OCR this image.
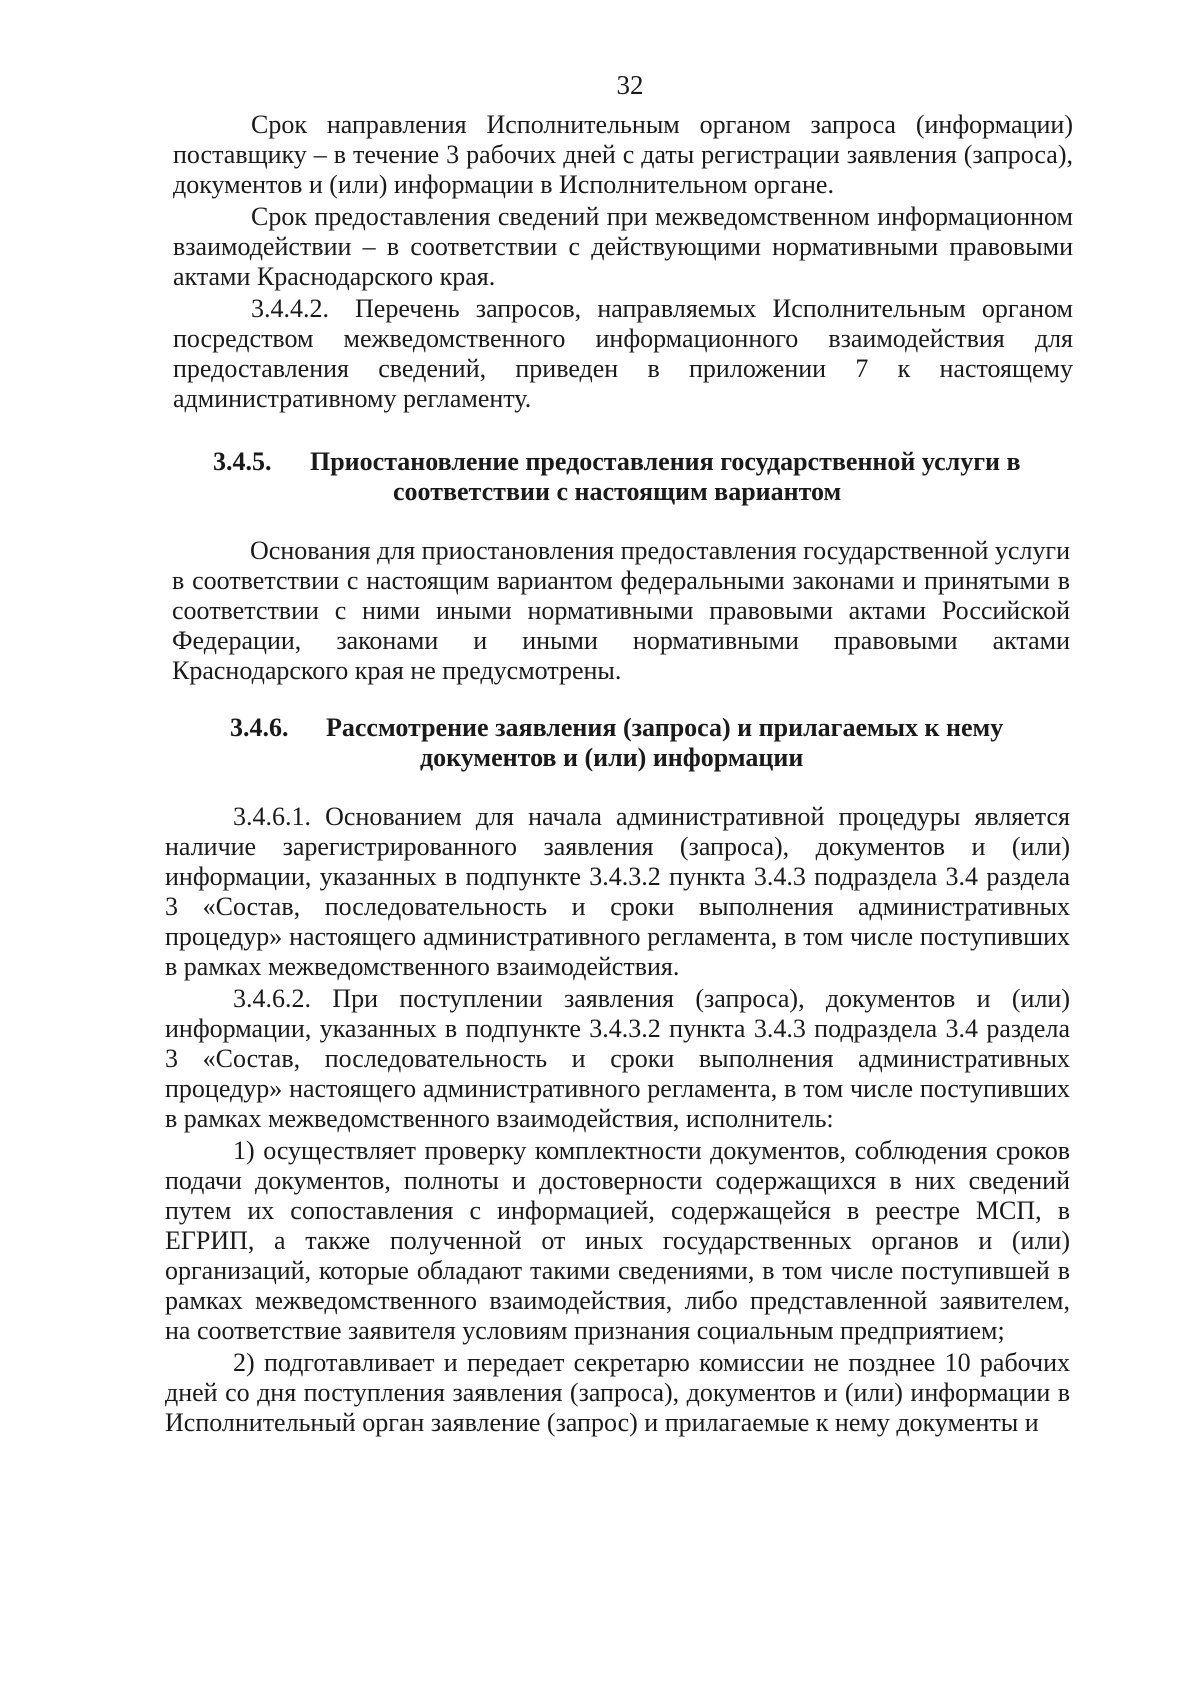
32

Срок направления Исполнительным органом запроса (информации) поставщику – в течение 3 рабочих дней с даты регистрации заявления (запроса), документов и (или) информации в Исполнительном органе.

Срок предоставления сведений при межведомственном информационном взаимодействии – в соответствии с действующими нормативными правовыми актами Краснодарского края.

3.4.4.2. Перечень запросов, направляемых Исполнительным органом посредством межведомственного информационного взаимодействия для предоставления сведений, приведен в приложении 7 к настоящему административному регламенту.

3.4.5. Приостановление предоставления государственной услуги в
соответствии с настоящим вариантом

Основания для приостановления предоставления государственной услуги в соответствии с настоящим вариантом федеральными законами и принятыми в соответствии с ними иными нормативными правовыми актами Российской Федерации, законами и иными нормативными правовыми актами Краснодарского края не предусмотрены.

3.4.6. Рассмотрение заявления (запроса) и прилагаемых к нему
документов и (или) информации

3.4.6.1. Основанием для начала административной процедуры является наличие зарегистрированного заявления (запроса), документов и (или) информации, указанных в подпункте 3.4.3.2 пункта 3.4.3 подраздела 3.4 раздела 3 «Состав, последовательность и сроки выполнения административных процедур» настоящего административного регламента, в том числе поступивших в рамках межведомственного взаимодействия.

3.4.6.2. При поступлении заявления (запроса), документов и (или) информации, указанных в подпункте 3.4.3.2 пункта 3.4.3 подраздела 3.4 раздела 3 «Состав, последовательность и сроки выполнения административных процедур» настоящего административного регламента, в том числе поступивших в рамках межведомственного взаимодействия, исполнитель:

1) осуществляет проверку комплектности документов, соблюдения сроков подачи документов, полноты и достоверности содержащихся в них сведений путем их сопоставления с информацией, содержащейся в реестре МСП, в ЕГРИП, а также полученной от иных государственных органов и (или) организаций, которые обладают такими сведениями, в том числе поступившей в рамках межведомственного взаимодействия, либо представленной заявителем, на соответствие заявителя условиям признания социальным предприятием;

2) подготавливает и передает секретарю комиссии не позднее 10 рабочих дней со дня поступления заявления (запроса), документов и (или) информации в Исполнительный орган заявление (запрос) и прилагаемые к нему документы и
